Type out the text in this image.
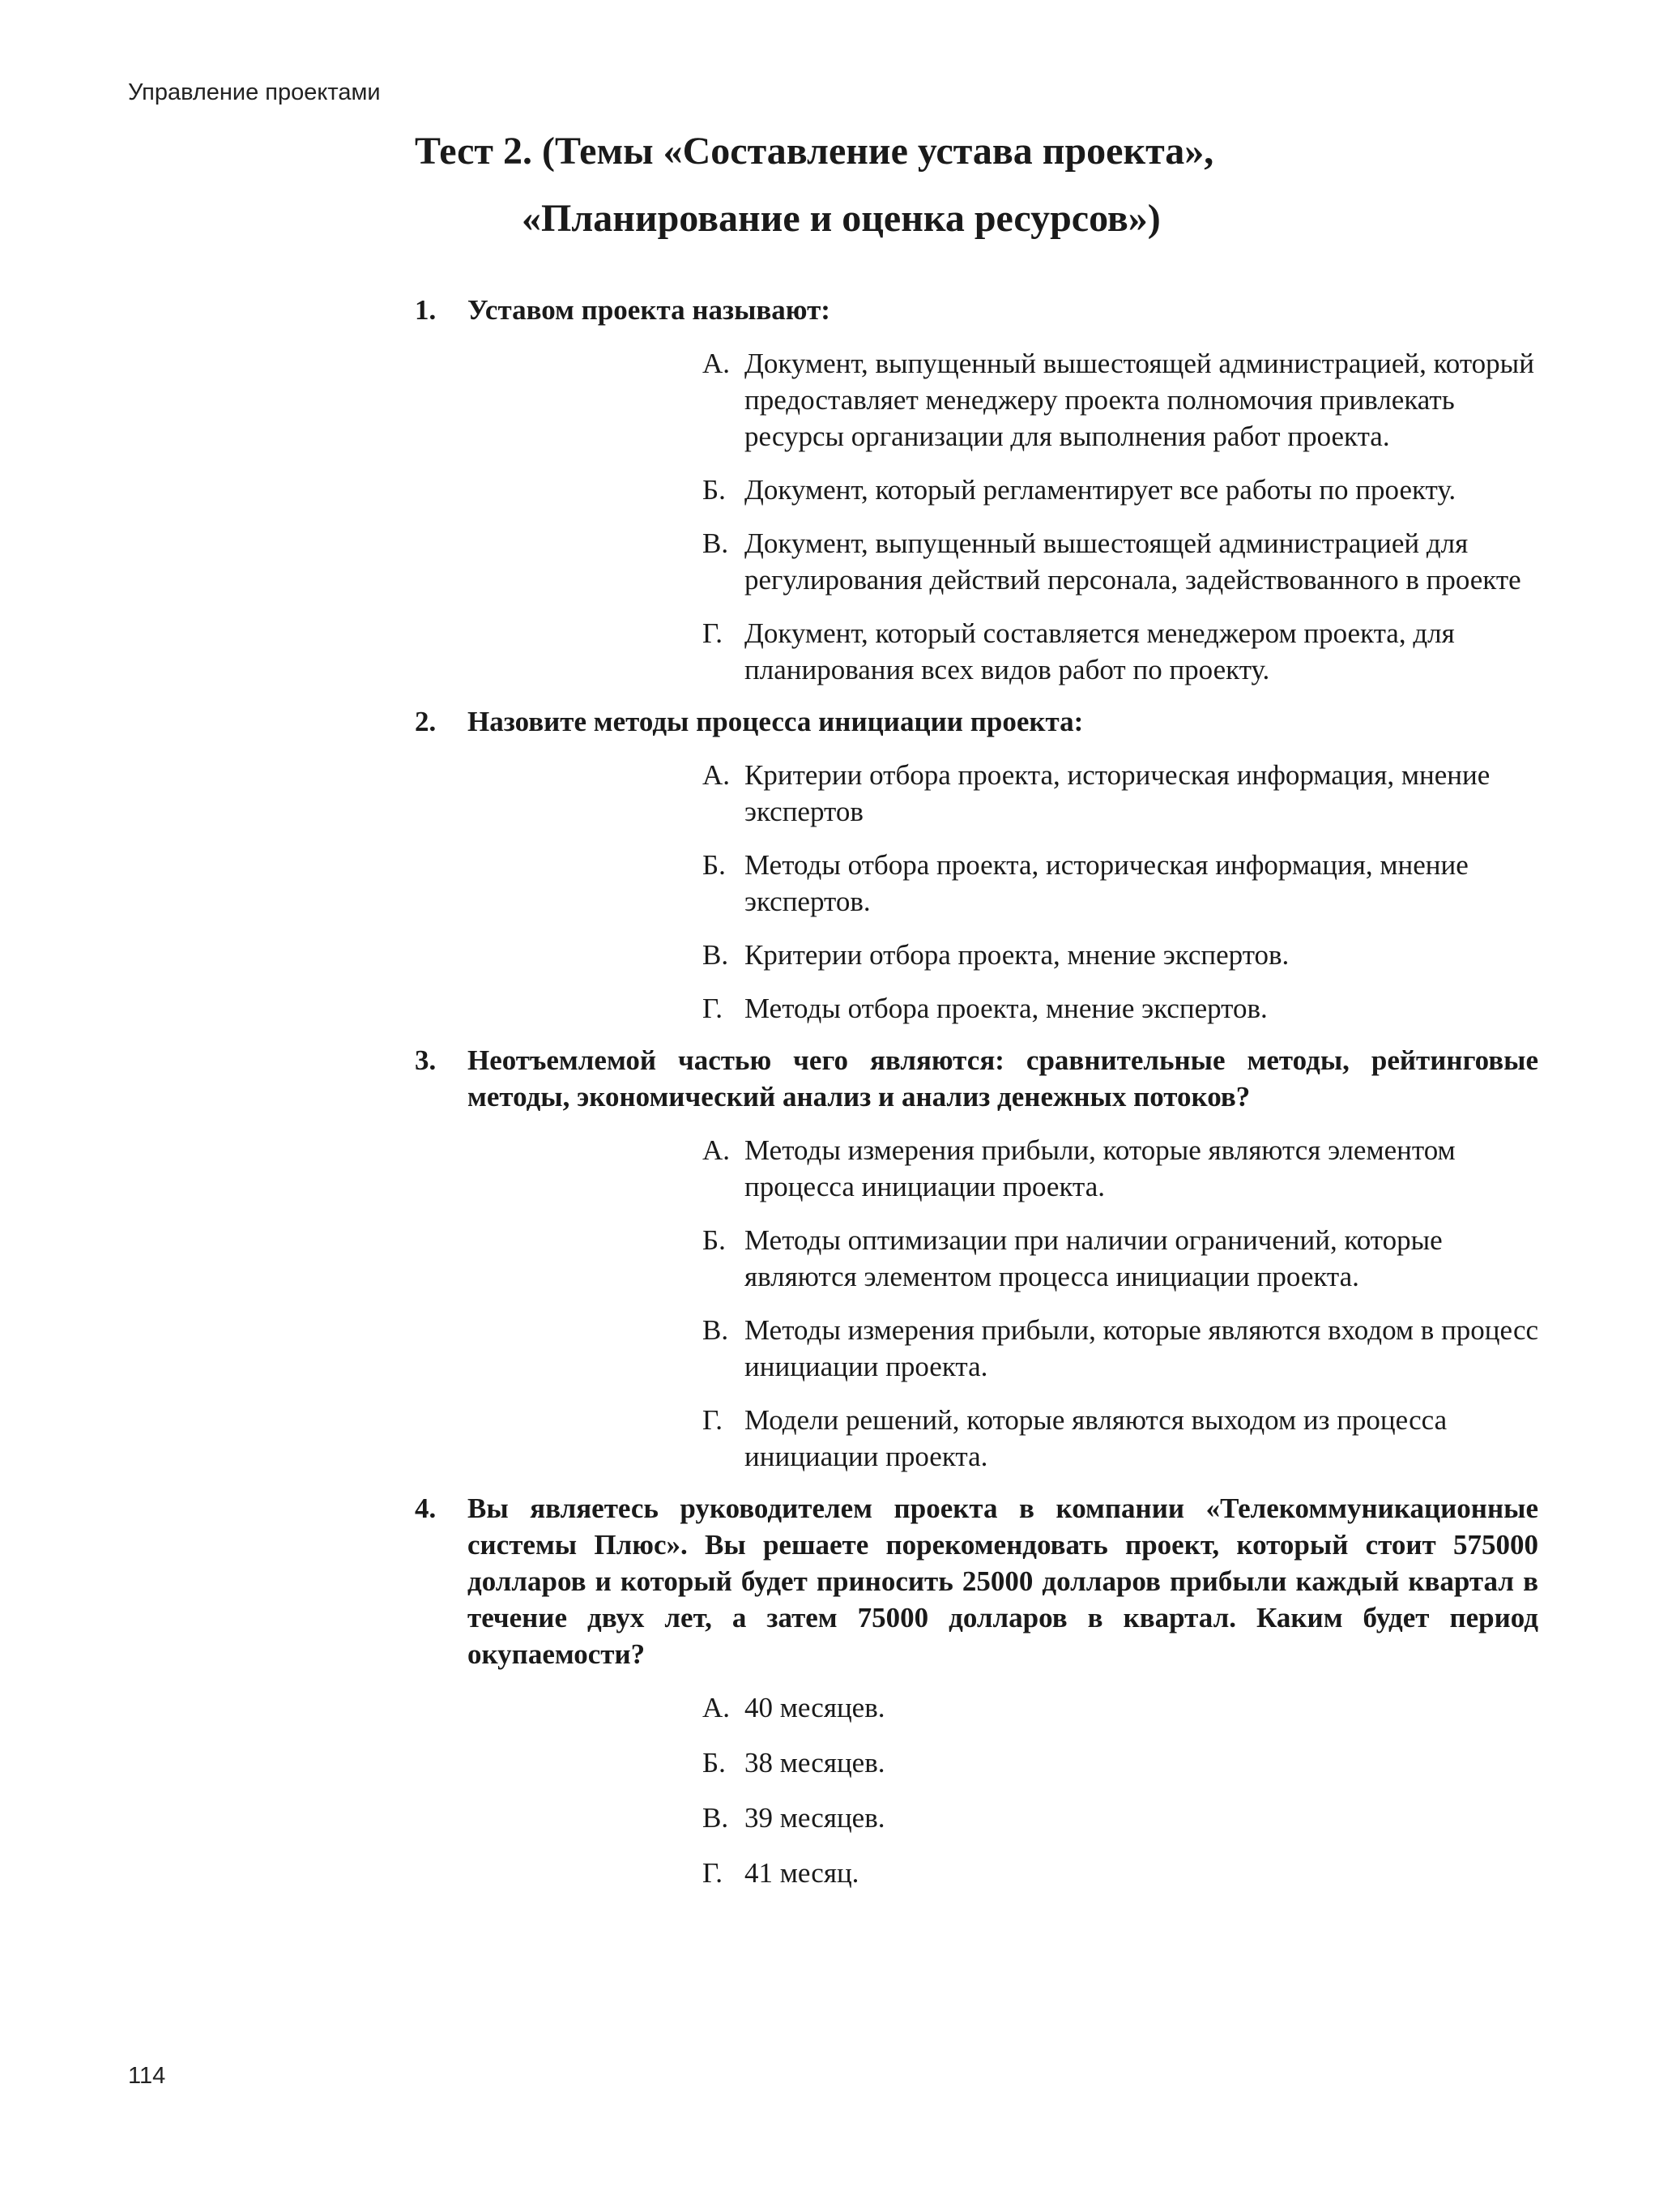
Управление проектами
Тест 2. (Темы «Составление устава проекта»,
«Планирование и оценка ресурсов»)
1.	Уставом проекта называют:
А. Документ, выпущенный вышестоящей администрацией, который предоставляет менеджеру проекта полномочия привлекать ресурсы организации для выполнения работ проекта.
Б. Документ, который регламентирует все работы по проекту.
В. Документ, выпущенный вышестоящей администрацией для регулирования действий персонала, задействованного в проекте
Г. Документ, который составляется менеджером проекта, для планирования всех видов работ по проекту.
2.	Назовите методы процесса инициации проекта:
А. Критерии отбора проекта, историческая информация, мнение экспертов
Б. Методы отбора проекта, историческая информация, мнение экспертов.
В. Критерии отбора проекта, мнение экспертов.
Г. Методы отбора проекта, мнение экспертов.
3.	Неотъемлемой частью чего являются: сравнительные методы, рейтинговые методы, экономический анализ и анализ денежных потоков?
А. Методы измерения прибыли, которые являются элементом процесса инициации проекта.
Б. Методы оптимизации при наличии ограничений, которые являются элементом процесса инициации проекта.
В. Методы измерения прибыли, которые являются входом в процесс инициации проекта.
Г. Модели решений, которые являются выходом из процесса инициации проекта.
4.	Вы являетесь руководителем проекта в компании «Телекоммуникационные системы Плюс». Вы решаете порекомендовать проект, который стоит 575000 долларов и который будет приносить 25000 долларов прибыли каждый квартал в течение двух лет, а затем 75000 долларов в квартал. Каким будет период окупаемости?
А. 40 месяцев.
Б. 38 месяцев.
В. 39 месяцев.
Г. 41 месяц.
114
